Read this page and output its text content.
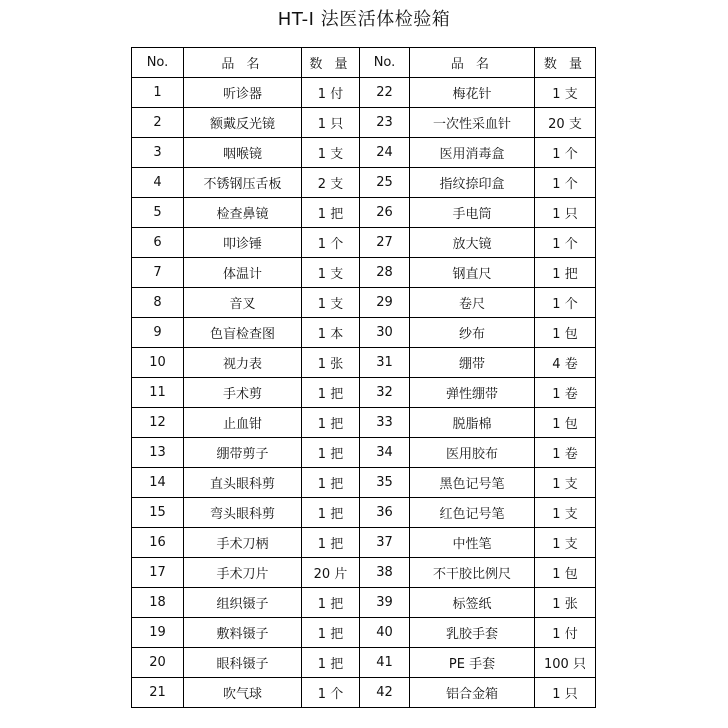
HT-Ⅰ 法医活体检验箱
No.	品 名	数 量	No.	品 名	数 量
1	听诊器	1 付	22	梅花针	1 支
2	额戴反光镜	1 只	23	一次性采血针	20 支
3	咽喉镜	1 支	24	医用消毒盒	1 个
4	不锈钢压舌板	2 支	25	指纹捺印盒	1 个
5	检查鼻镜	1 把	26	手电筒	1 只
6	叩诊锤	1 个	27	放大镜	1 个
7	体温计	1 支	28	钢直尺	1 把
8	音叉	1 支	29	卷尺	1 个
9	色盲检查图	1 本	30	纱布	1 包
10	视力表	1 张	31	绷带	4 卷
11	手术剪	1 把	32	弹性绷带	1 卷
12	止血钳	1 把	33	脱脂棉	1 包
13	绷带剪子	1 把	34	医用胶布	1 卷
14	直头眼科剪	1 把	35	黑色记号笔	1 支
15	弯头眼科剪	1 把	36	红色记号笔	1 支
16	手术刀柄	1 把	37	中性笔	1 支
17	手术刀片	20 片	38	不干胶比例尺	1 包
18	组织镊子	1 把	39	标签纸	1 张
19	敷料镊子	1 把	40	乳胶手套	1 付
20	眼科镊子	1 把	41	PE 手套	100 只
21	吹气球	1 个	42	铝合金箱	1 只
